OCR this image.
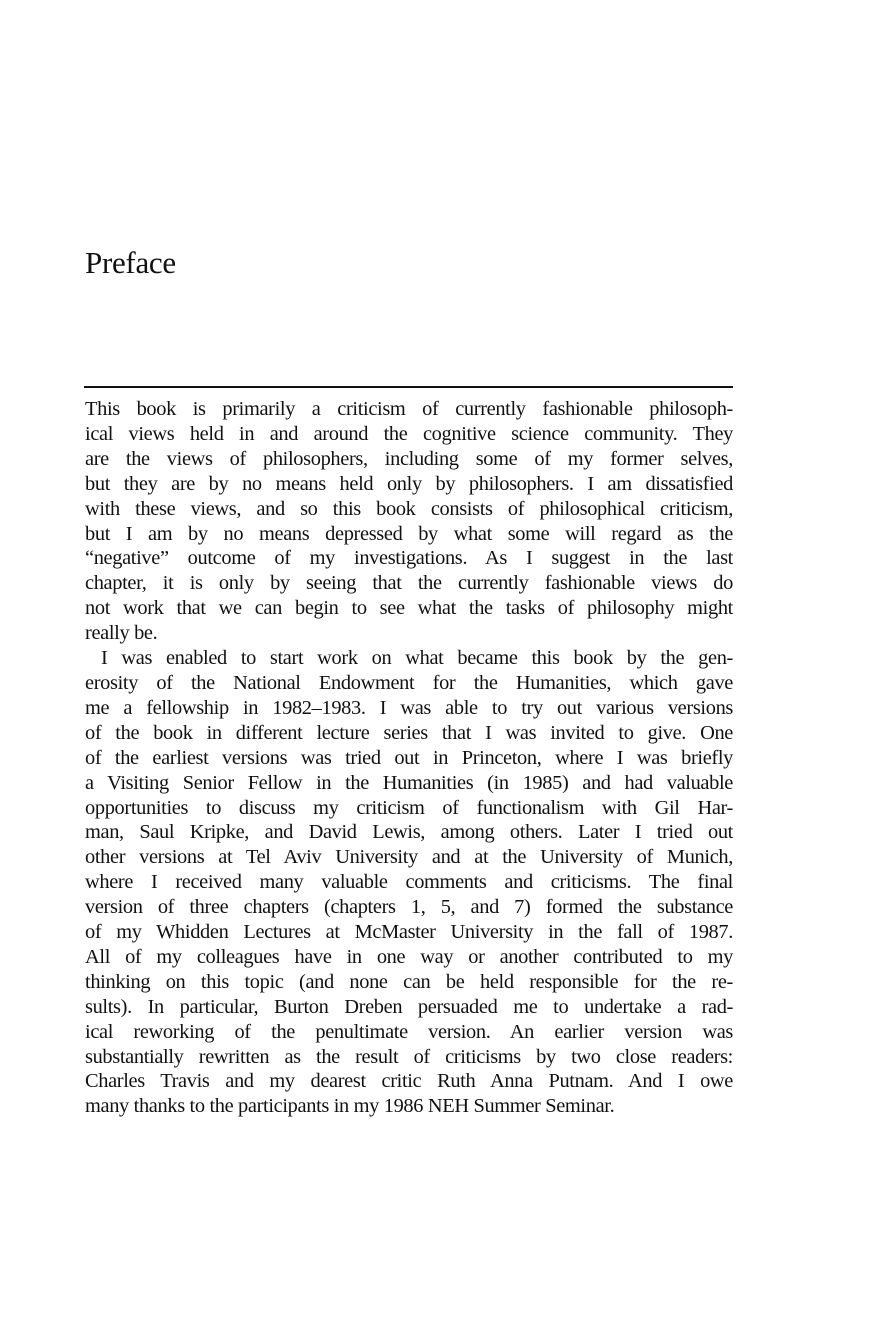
Preface
This book is primarily a criticism of currently fashionable philosoph-
ical views held in and around the cognitive science community. They
are the views of philosophers, including some of my former selves,
but they are by no means held only by philosophers. I am dissatisfied
with these views, and so this book consists of philosophical criticism,
but I am by no means depressed by what some will regard as the
“negative” outcome of my investigations. As I suggest in the last
chapter, it is only by seeing that the currently fashionable views do
not work that we can begin to see what the tasks of philosophy might
really be.
I was enabled to start work on what became this book by the gen-
erosity of the National Endowment for the Humanities, which gave
me a fellowship in 1982–1983. I was able to try out various versions
of the book in different lecture series that I was invited to give. One
of the earliest versions was tried out in Princeton, where I was briefly
a Visiting Senior Fellow in the Humanities (in 1985) and had valuable
opportunities to discuss my criticism of functionalism with Gil Har-
man, Saul Kripke, and David Lewis, among others. Later I tried out
other versions at Tel Aviv University and at the University of Munich,
where I received many valuable comments and criticisms. The final
version of three chapters (chapters 1, 5, and 7) formed the substance
of my Whidden Lectures at McMaster University in the fall of 1987.
All of my colleagues have in one way or another contributed to my
thinking on this topic (and none can be held responsible for the re-
sults). In particular, Burton Dreben persuaded me to undertake a rad-
ical reworking of the penultimate version. An earlier version was
substantially rewritten as the result of criticisms by two close readers:
Charles Travis and my dearest critic Ruth Anna Putnam. And I owe
many thanks to the participants in my 1986 NEH Summer Seminar.
